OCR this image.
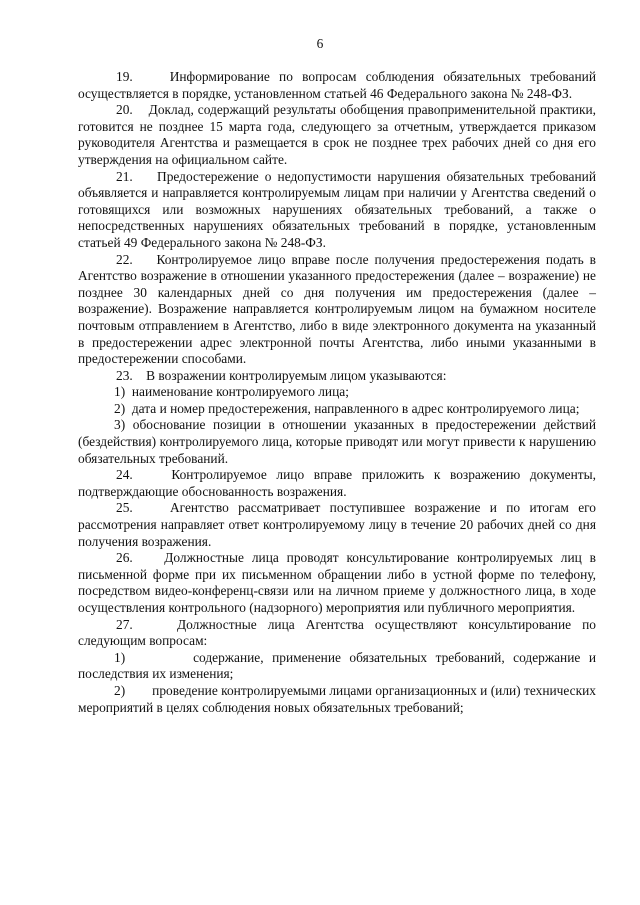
6

19.    Информирование по вопросам соблюдения обязательных требований осуществляется в порядке, установленном статьей 46 Федерального закона № 248-ФЗ.

20.    Доклад, содержащий результаты обобщения правоприменительной практики, готовится не позднее 15 марта года, следующего за отчетным, утверждается приказом руководителя Агентства и размещается в срок не позднее трех рабочих дней со дня его утверждения на официальном сайте.

21.    Предостережение о недопустимости нарушения обязательных требований объявляется и направляется контролируемым лицам при наличии у Агентства сведений о готовящихся или возможных нарушениях обязательных требований, а также о непосредственных нарушениях обязательных требований в порядке, установленным статьей 49 Федерального закона № 248-ФЗ.

22.    Контролируемое лицо вправе после получения предостережения подать в Агентство возражение в отношении указанного предостережения (далее – возражение) не позднее 30 календарных дней со дня получения им предостережения (далее – возражение). Возражение направляется контролируемым лицом на бумажном носителе почтовым отправлением в Агентство, либо в виде электронного документа на указанный в предостережении адрес электронной почты Агентства, либо иными указанными в предостережении способами.

23.    В возражении контролируемым лицом указываются:

1)  наименование контролируемого лица;

2)  дата и номер предостережения, направленного в адрес контролируемого лица;

3) обоснование позиции в отношении указанных в предостережении действий (бездействия) контролируемого лица, которые приводят или могут привести к нарушению обязательных требований.

24.    Контролируемое лицо вправе приложить к возражению документы, подтверждающие обоснованность возражения.

25.    Агентство рассматривает поступившее возражение и по итогам его рассмотрения направляет ответ контролируемому лицу в течение 20 рабочих дней со дня получения возражения.

26.    Должностные лица проводят консультирование контролируемых лиц в письменной форме при их письменном обращении либо в устной форме по телефону, посредством видео-конференц-связи или на личном приеме у должностного лица, в ходе осуществления контрольного (надзорного) мероприятия или публичного мероприятия.

27.    Должностные лица Агентства осуществляют консультирование по следующим вопросам:

1)        содержание, применение обязательных требований, содержание и последствия их изменения;

2)        проведение контролируемыми лицами организационных и (или) технических мероприятий в целях соблюдения новых обязательных требований;
